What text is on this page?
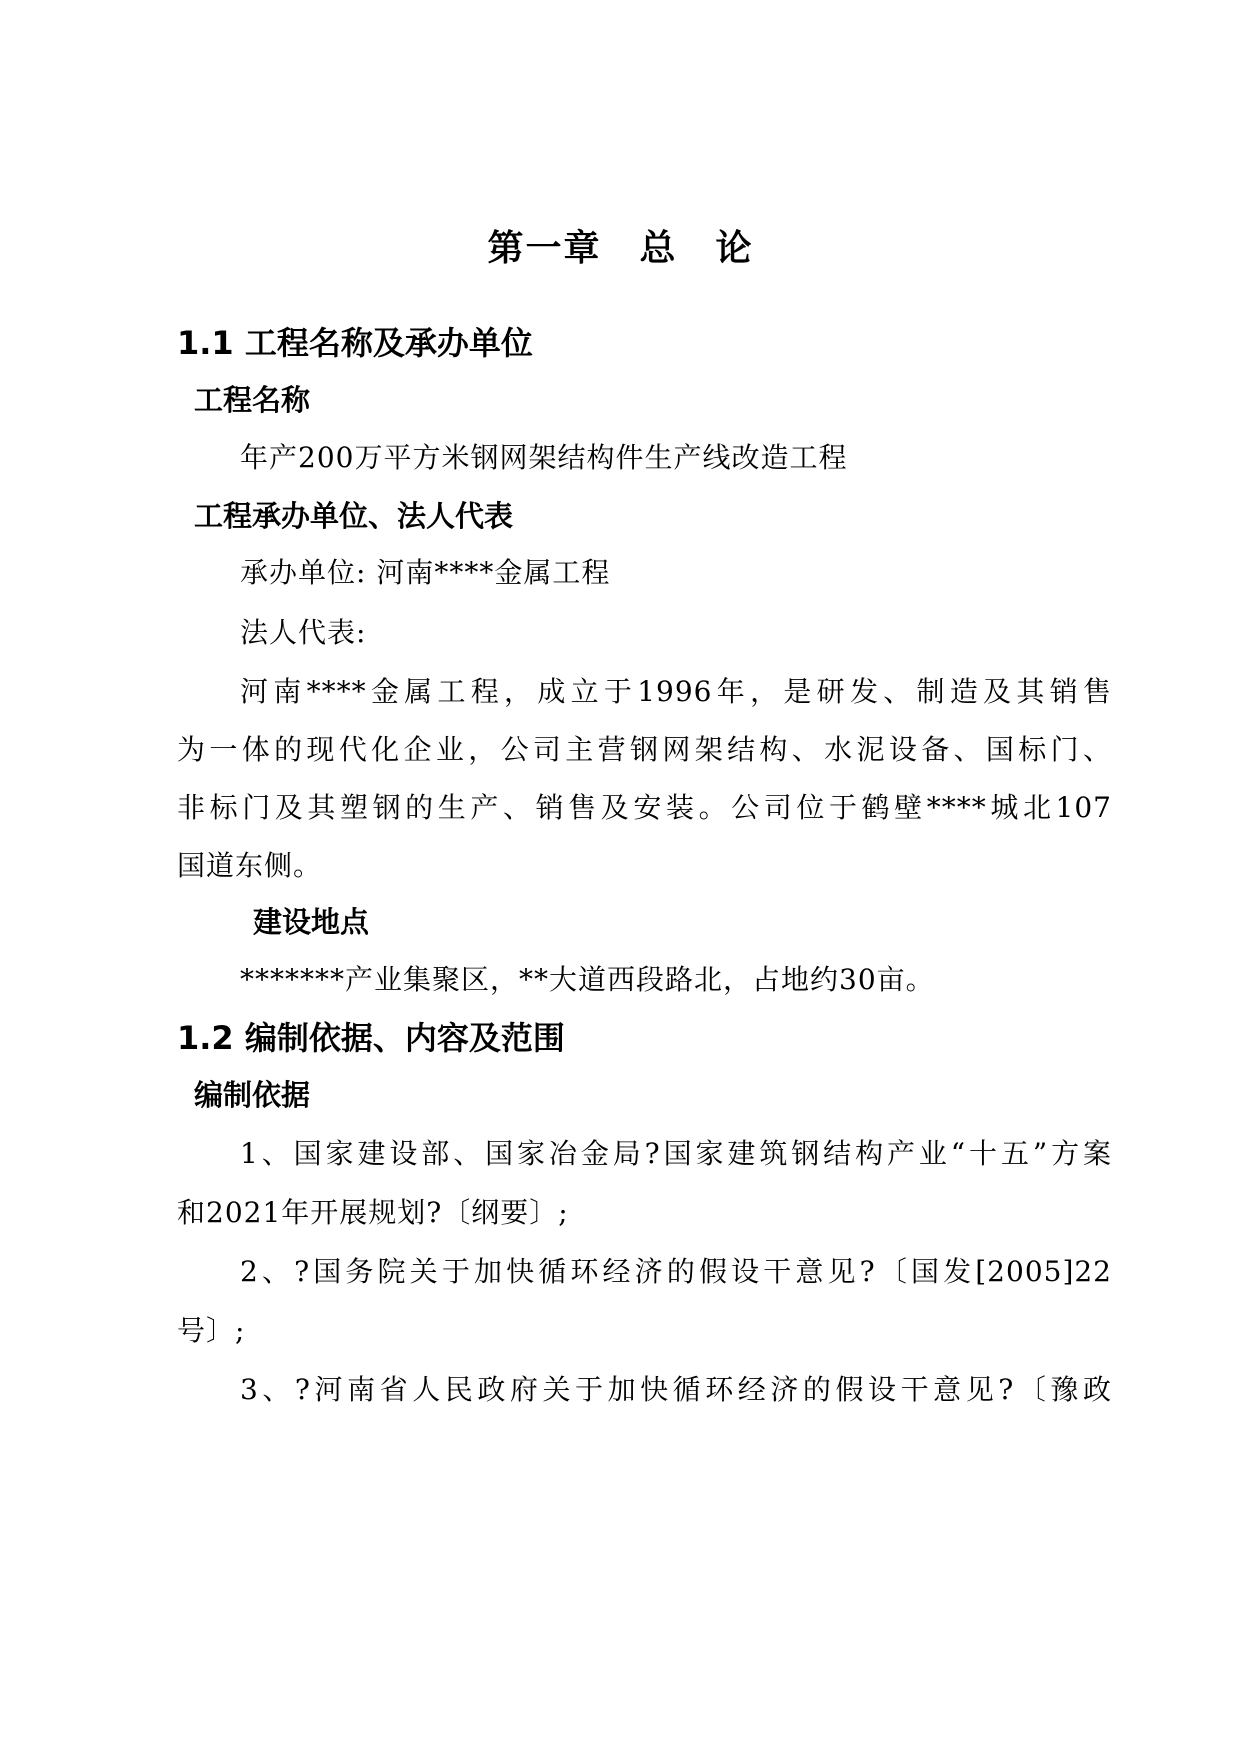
第一章　总　论
1.1 工程名称及承办单位
工程名称

年产200万平方米钢网架结构件生产线改造工程

工程承办单位、法人代表

承办单位: 河南****金属工程

法人代表:

河南****金属工程，成立于1996年，是研发、制造及其销售

为一体的现代化企业，公司主营钢网架结构、水泥设备、国标门、

非标门及其塑钢的生产、销售及安装。公司位于鹤壁****城北107

国道东侧。

建设地点

*******产业集聚区，**大道西段路北，占地约30亩。

1.2 编制依据、内容及范围
编制依据

1、国家建设部、国家冶金局?国家建筑钢结构产业“十五”方案

和2021年开展规划?〔纲要〕;

2、?国务院关于加快循环经济的假设干意见?〔国发[2005]22

号〕;

3、?河南省人民政府关于加快循环经济的假设干意见?〔豫政
